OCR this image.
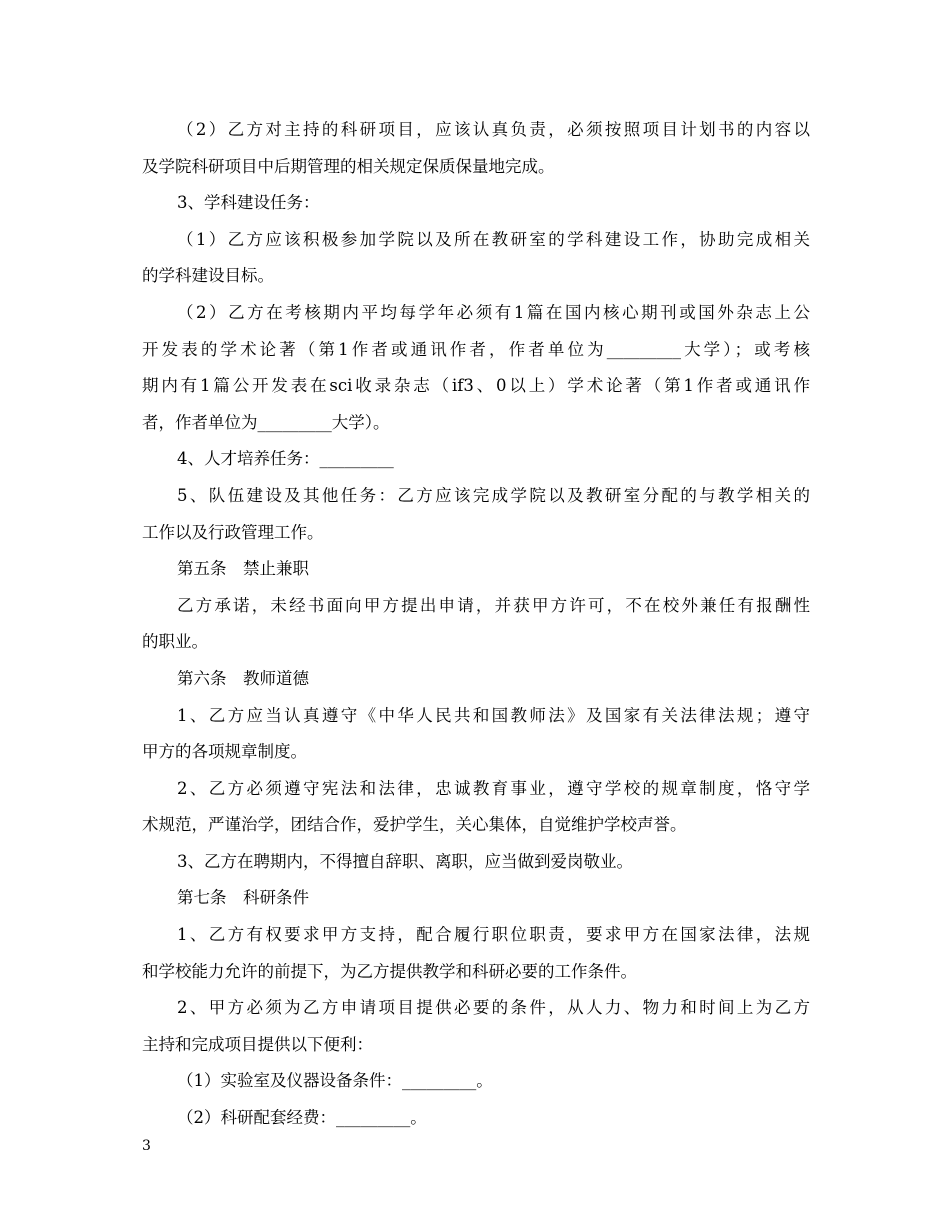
（2）乙方对主持的科研项目，应该认真负责，必须按照项目计划书的内容以
及学院科研项目中后期管理的相关规定保质保量地完成。
3、学科建设任务：
（1）乙方应该积极参加学院以及所在教研室的学科建设工作，协助完成相关
的学科建设目标。
（2）乙方在考核期内平均每学年必须有1篇在国内核心期刊或国外杂志上公
开发表的学术论著（第1作者或通讯作者，作者单位为_________大学）；或考核
期内有1篇公开发表在sci收录杂志（if3、0以上）学术论著（第1作者或通讯作
者，作者单位为_________大学）。
4、人才培养任务：_________
5、队伍建设及其他任务：乙方应该完成学院以及教研室分配的与教学相关的
工作以及行政管理工作。
第五条　禁止兼职
乙方承诺，未经书面向甲方提出申请，并获甲方许可，不在校外兼任有报酬性
的职业。
第六条　教师道德
1、乙方应当认真遵守《中华人民共和国教师法》及国家有关法律法规；遵守
甲方的各项规章制度。
2、乙方必须遵守宪法和法律，忠诚教育事业，遵守学校的规章制度，恪守学
术规范，严谨治学，团结合作，爱护学生，关心集体，自觉维护学校声誉。
3、乙方在聘期内，不得擅自辞职、离职，应当做到爱岗敬业。
第七条　科研条件
1、乙方有权要求甲方支持，配合履行职位职责，要求甲方在国家法律，法规
和学校能力允许的前提下，为乙方提供教学和科研必要的工作条件。
2、甲方必须为乙方申请项目提供必要的条件，从人力、物力和时间上为乙方
主持和完成项目提供以下便利：
（1）实验室及仪器设备条件：_________。
（2）科研配套经费：_________。
3
